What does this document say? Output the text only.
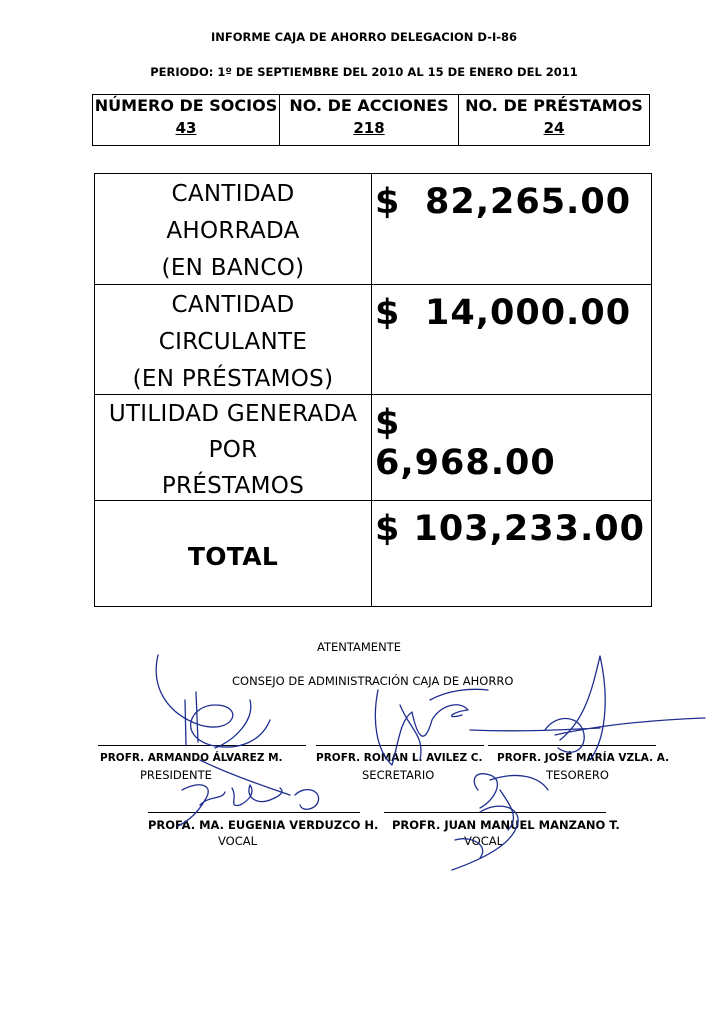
INFORME CAJA DE AHORRO DELEGACION D-I-86
PERIODO: 1º DE SEPTIEMBRE DEL 2010 AL 15 DE ENERO DEL 2011
NÚMERO DE SOCIOS
43
NO. DE ACCIONES
218
NO. DE PRÉSTAMOS
24
CANTIDAD
AHORRADA
(EN BANCO)
$ 82,265.00
CANTIDAD
CIRCULANTE
(EN PRÉSTAMOS)
$ 14,000.00
UTILIDAD GENERADA
POR
PRÉSTAMOS
$6,968.00
TOTAL
$ 103,233.00
ATENTAMENTE
CONSEJO DE ADMINISTRACIÓN CAJA DE AHORRO
PROFR. ARMANDO ÁLVAREZ M.
PRESIDENTE
PROFR. ROMÁN L. AVILEZ C.
SECRETARIO
PROFR. JOSÉ MARÍA VZLA. A.
TESORERO
PROFA. MA. EUGENIA VERDUZCO H.
VOCAL
PROFR. JUAN MANUEL MANZANO T.
VOCAL
